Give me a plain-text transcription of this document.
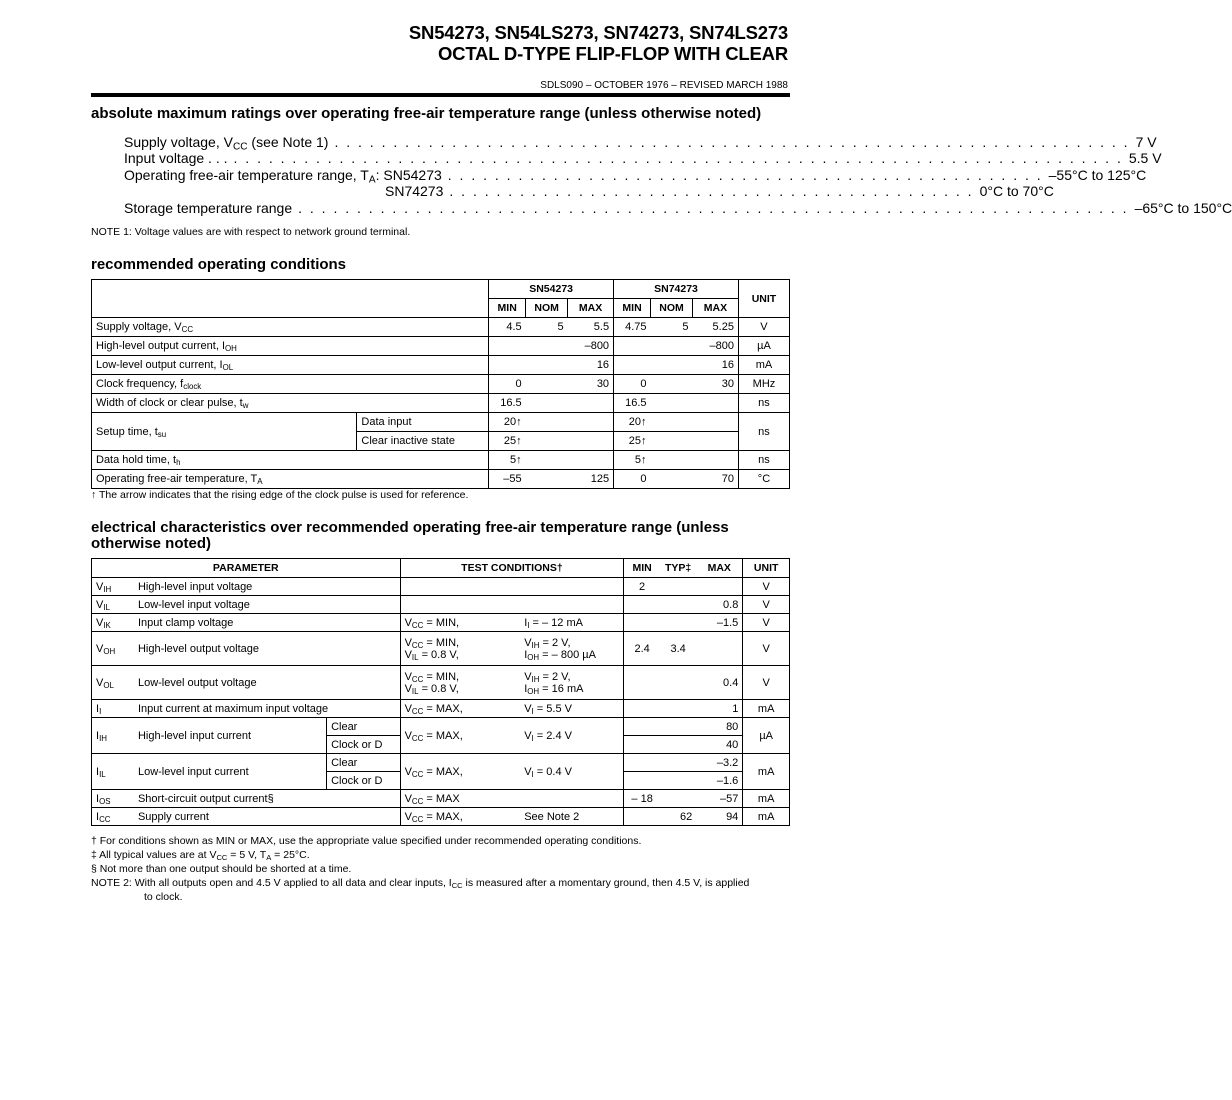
SN54273, SN54LS273, SN74273, SN74LS273
OCTAL D-TYPE FLIP-FLOP WITH CLEAR
SDLS090 – OCTOBER 1976 – REVISED MARCH 1988
absolute maximum ratings over operating free-air temperature range (unless otherwise noted)
Supply voltage, $V_{CC}$ (see Note 1) . . . . . . . . . . . . . . . . . . . . . . . . . . . . . . . . . . . . . . . . . . . . . . . . . . . . . . . . . . . . . . . . . . . . 7 V
Input voltage . . . . . . . . . . . . . . . . . . . . . . . . . . . . . . . . . . . . . . . . . . . . . . . . . . . . . . . . . . . . . . . . . . . . . . . . . . . . . . . 5.5 V
Operating free-air temperature range, $T_A$: SN54273 . . . . . . . . . . . . . . . . . . . . . . . . . . . . . . . . . . . . . . . . . . . . . . . . . . . –55°C to 125°C
SN74273 . . . . . . . . . . . . . . . . . . . . . . . . . . . . . . . . . . . . . . . . . . . . . 0°C to 70°C
Storage temperature range . . . . . . . . . . . . . . . . . . . . . . . . . . . . . . . . . . . . . . . . . . . . . . . . . . . . . . . . . . . . . . . . . . . . . . . –65°C to 150°C
NOTE 1: Voltage values are with respect to network ground terminal.
recommended operating conditions
		SN54273			SN74273			UNIT
		MIN	NOM	MAX	MIN	NOM	MAX	
Supply voltage, $V_{CC}$		4.5	5	5.5	4.75	5	5.25	V
High-level output current, $I_{OH}$				–800			–800	µA
Low-level output current, $I_{OL}$				16			16	mA
Clock frequency, $f_{clock}$		0		30	0		30	MHz
Width of clock or clear pulse, $t_w$		16.5			16.5			ns
Setup time, $t_{su}$	Data input	20↑			20↑			ns
	Clear inactive state	25↑			25↑			
Data hold time, $t_h$		5↑			5↑			ns
Operating free-air temperature, $T_A$		–55		125	0		70	°C
↑ The arrow indicates that the rising edge of the clock pulse is used for reference.
electrical characteristics over recommended operating free-air temperature range (unless otherwise noted)
PARAMETER			TEST CONDITIONS†		MIN	TYP‡	MAX	UNIT
$V_{IH}$	High-level input voltage				2			V
$V_{IL}$	Low-level input voltage						0.8	V
$V_{IK}$	Input clamp voltage		$V_{CC}$ = MIN,	$I_I$ = – 12 mA			–1.5	V
$V_{OH}$	High-level output voltage		$V_{CC}$ = MIN,
$V_{IL} = 0.8$ V,	$V_{IH} = 2$ V,
$I_{OH}$ = – 800 µA	2.4	3.4		V
$V_{OL}$	Low-level output voltage		$V_{CC}$ = MIN,
$V_{IL} = 0.8$ V,	$V_{IH} = 2$ V,
$I_{OH} = 16$ mA			0.4	V
$I_I$	Input current at maximum input voltage		$V_{CC}$ = MAX,	$V_I = 5.5$ V			1	mA
$I_{IH}$	High-level input current	Clear	$V_{CC}$ = MAX,	$V_I = 2.4$ V			80	µA
		Clock or D					40	
$I_{IL}$	Low-level input current	Clear	$V_{CC}$ = MAX,	$V_I = 0.4$ V			–3.2	mA
		Clock or D					–1.6	
$I_{OS}$	Short-circuit output current§		$V_{CC}$ = MAX		– 18		–57	mA
$I_{CC}$	Supply current		$V_{CC}$ = MAX,	See Note 2		62	94	mA
† For conditions shown as MIN or MAX, use the appropriate value specified under recommended operating conditions.
‡ All typical values are at $V_{CC} = 5$ V, $T_A = 25^\circ C$.
§ Not more than one output should be shorted at a time.
NOTE 2: With all outputs open and 4.5 V applied to all data and clear inputs, $I_{CC}$ is measured after a momentary ground, then 4.5 V, is applied
to clock.
